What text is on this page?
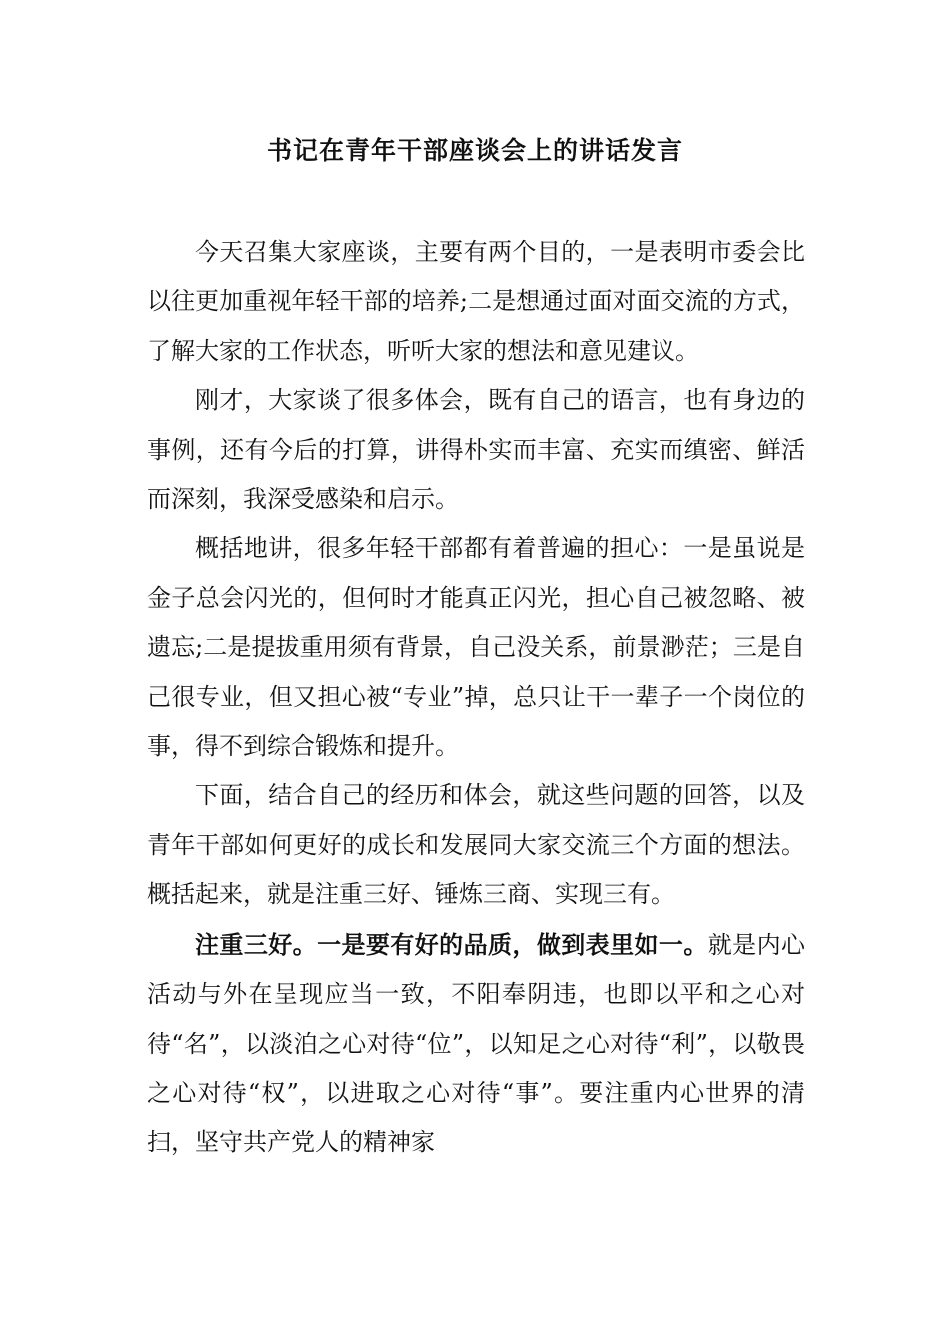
书记在青年干部座谈会上的讲话发言

今天召集大家座谈，主要有两个目的，一是表明市委会比以往更加重视年轻干部的培养;二是想通过面对面交流的方式，了解大家的工作状态，听听大家的想法和意见建议。

刚才，大家谈了很多体会，既有自己的语言，也有身边的事例，还有今后的打算，讲得朴实而丰富、充实而缜密、鲜活而深刻，我深受感染和启示。

概括地讲，很多年轻干部都有着普遍的担心：一是虽说是金子总会闪光的，但何时才能真正闪光，担心自己被忽略、被遗忘;二是提拔重用须有背景，自己没关系，前景渺茫；三是自己很专业，但又担心被“专业”掉，总只让干一辈子一个岗位的事，得不到综合锻炼和提升。

下面，结合自己的经历和体会，就这些问题的回答，以及青年干部如何更好的成长和发展同大家交流三个方面的想法。概括起来，就是注重三好、锤炼三商、实现三有。

注重三好。一是要有好的品质，做到表里如一。就是内心活动与外在呈现应当一致，不阳奉阴违，也即以平和之心对待“名”，以淡泊之心对待“位”，以知足之心对待“利”，以敬畏之心对待“权”，以进取之心对待“事”。要注重内心世界的清扫，坚守共产党人的精神家
